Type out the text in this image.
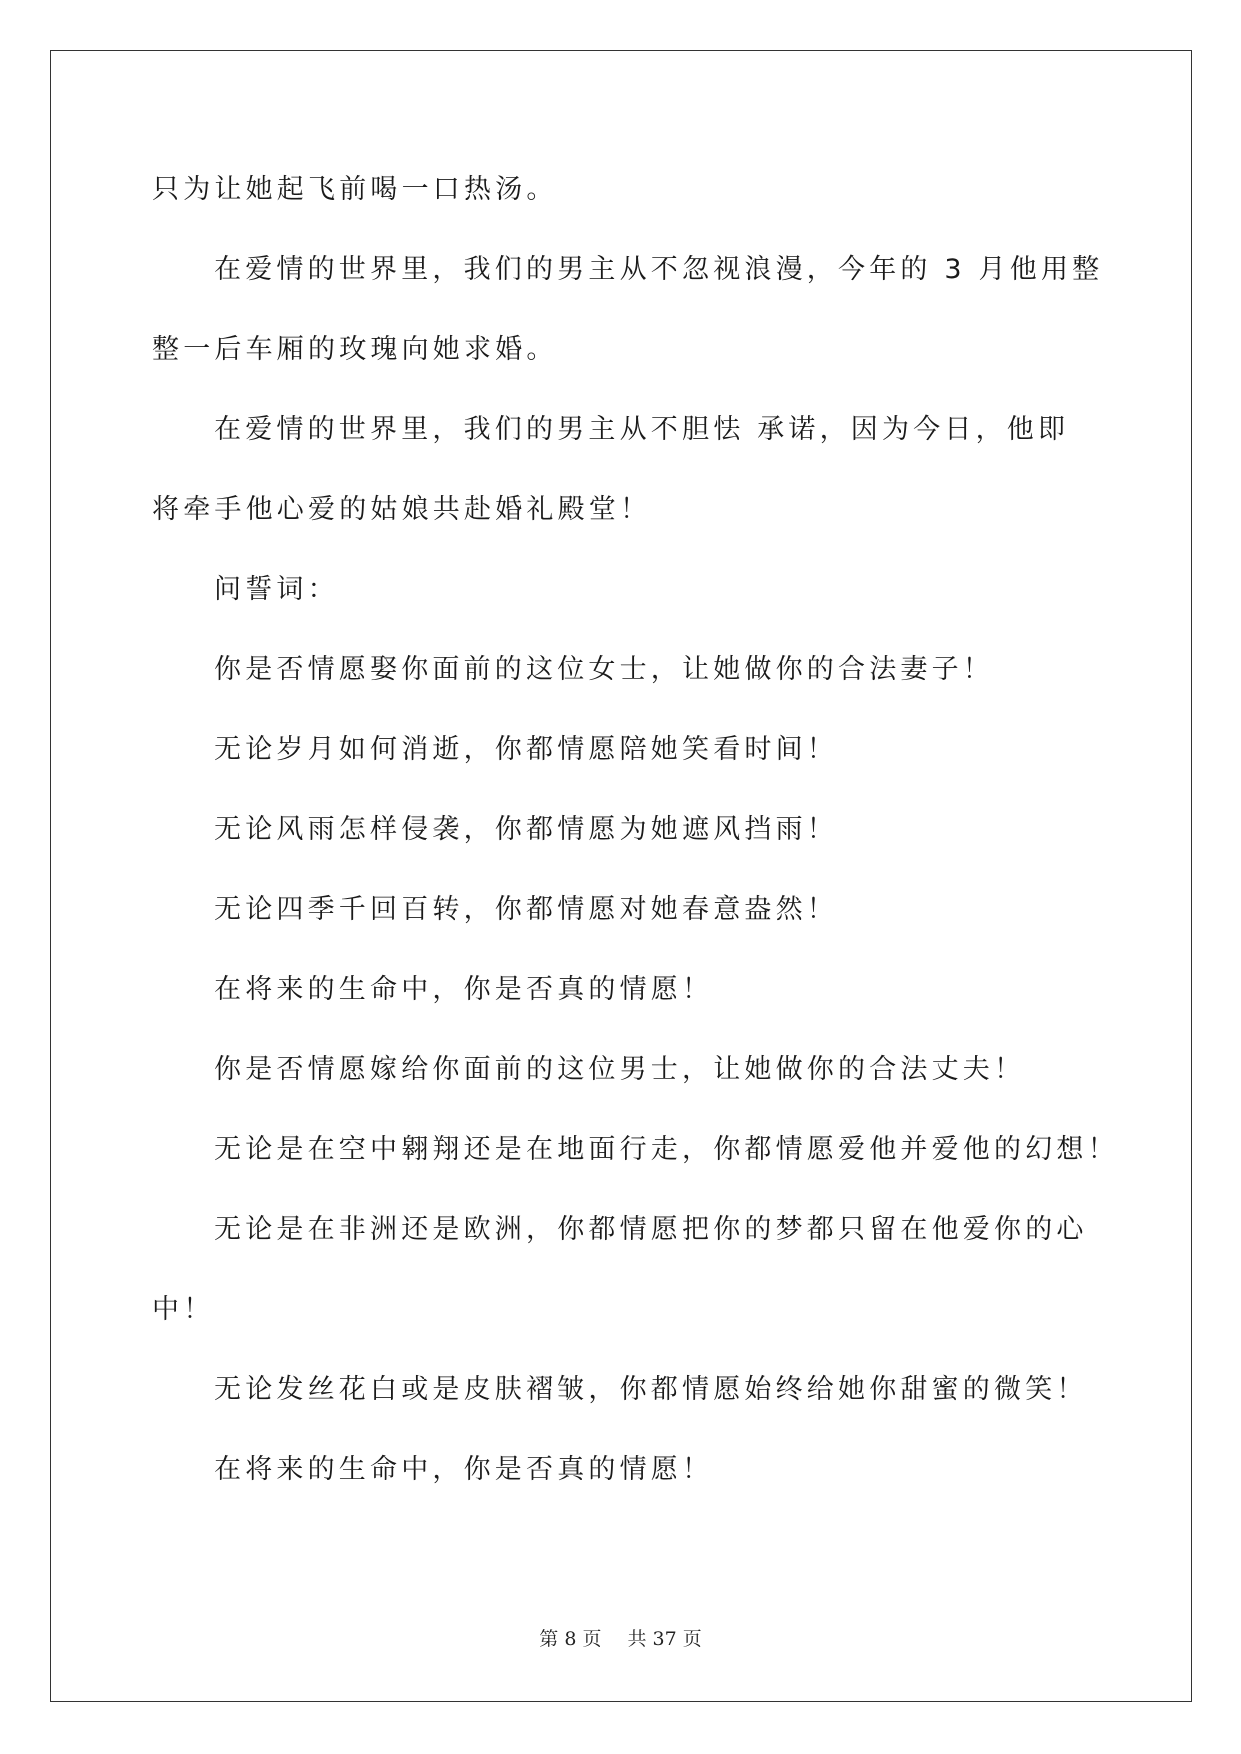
只为让她起飞前喝一口热汤。

在爱情的世界里，我们的男主从不忽视浪漫，今年的 3 月他用整

整一后车厢的玫瑰向她求婚。

在爱情的世界里，我们的男主从不胆怯 承诺，因为今日，他即

将牵手他心爱的姑娘共赴婚礼殿堂！

问誓词：

你是否情愿娶你面前的这位女士，让她做你的合法妻子！

无论岁月如何消逝，你都情愿陪她笑看时间！

无论风雨怎样侵袭，你都情愿为她遮风挡雨！

无论四季千回百转，你都情愿对她春意盎然！

在将来的生命中，你是否真的情愿！

你是否情愿嫁给你面前的这位男士，让她做你的合法丈夫！

无论是在空中翱翔还是在地面行走，你都情愿爱他并爱他的幻想！

无论是在非洲还是欧洲，你都情愿把你的梦都只留在他爱你的心

中！

无论发丝花白或是皮肤褶皱，你都情愿始终给她你甜蜜的微笑！

在将来的生命中，你是否真的情愿！

第 8 页 共 37 页
